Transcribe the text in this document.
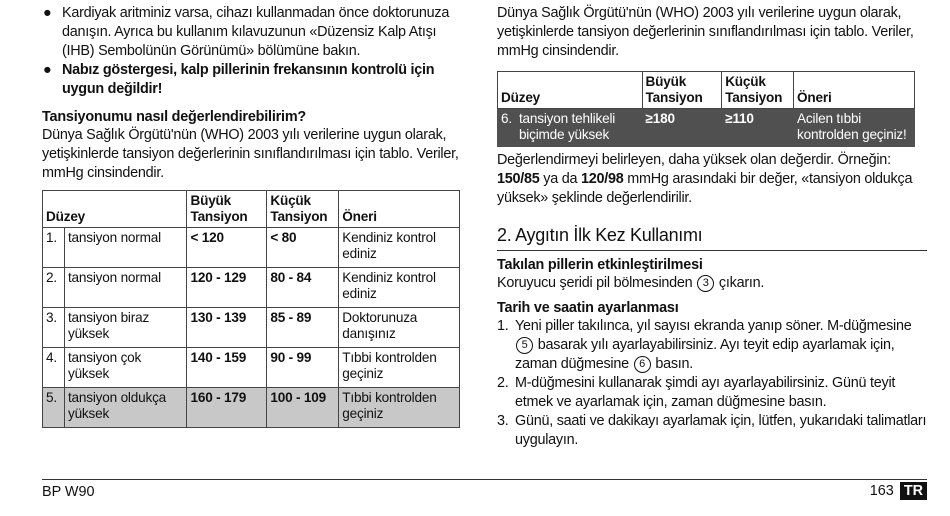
● Kardiyak aritminiz varsa, cihazı kullanmadan önce doktorunuza danışın. Ayrıca bu kullanım kılavuzunun «Düzensiz Kalp Atışı (IHB) Sembolünün Görünümü» bölümüne bakın.

● Nabız göstergesi, kalp pillerinin frekansının kontrolü için uygun değildir!

Tansiyonumu nasıl değerlendirebilirim?

Dünya Sağlık Örgütü'nün (WHO) 2003 yılı verilerine uygun olarak, yetişkinlerde tansiyon değerlerinin sınıflandırılması için tablo. Veriler, mmHg cinsindendir.

Düzey		Büyük Tansiyon	Küçük Tansiyon	Öneri
1.	tansiyon normal	< 120	< 80	Kendiniz kontrol ediniz
2.	tansiyon normal	120 - 129	80 - 84	Kendiniz kontrol ediniz
3.	tansiyon biraz yüksek	130 - 139	85 - 89	Doktorunuza danışınız
4.	tansiyon çok yüksek	140 - 159	90 - 99	Tıbbi kontrolden geçiniz
5.	tansiyon oldukça yüksek	160 - 179	100 - 109	Tıbbi kontrolden geçiniz

Dünya Sağlık Örgütü'nün (WHO) 2003 yılı verilerine uygun olarak, yetişkinlerde tansiyon değerlerinin sınıflandırılması için tablo. Veriler, mmHg cinsindendir.

Düzey		Büyük Tansiyon	Küçük Tansiyon	Öneri
6.	tansiyon tehlikeli biçimde yüksek	≥180	≥110	Acilen tıbbi kontrolden geçiniz!

Değerlendirmeyi belirleyen, daha yüksek olan değerdir. Örneğin: 150/85 ya da 120/98 mmHg arasındaki bir değer, «tansiyon oldukça yüksek» şeklinde değerlendirilir.

2. Aygıtın İlk Kez Kullanımı
Takılan pillerin etkinleştirilmesi

Koruyucu şeridi pil bölmesinden 3 çıkarın.

Tarih ve saatin ayarlanması
1. Yeni piller takılınca, yıl sayısı ekranda yanıp söner. M-düğmesine 5 basarak yılı ayarlayabilirsiniz. Ayı teyit edip ayarlamak için, zaman düğmesine 6 basın.

2. M-düğmesini kullanarak şimdi ayı ayarlayabilirsiniz. Günü teyit etmek ve ayarlamak için, zaman düğmesine basın.

3. Günü, saati ve dakikayı ayarlamak için, lütfen, yukarıdaki talimatları uygulayın.

BP W90	163 TR
